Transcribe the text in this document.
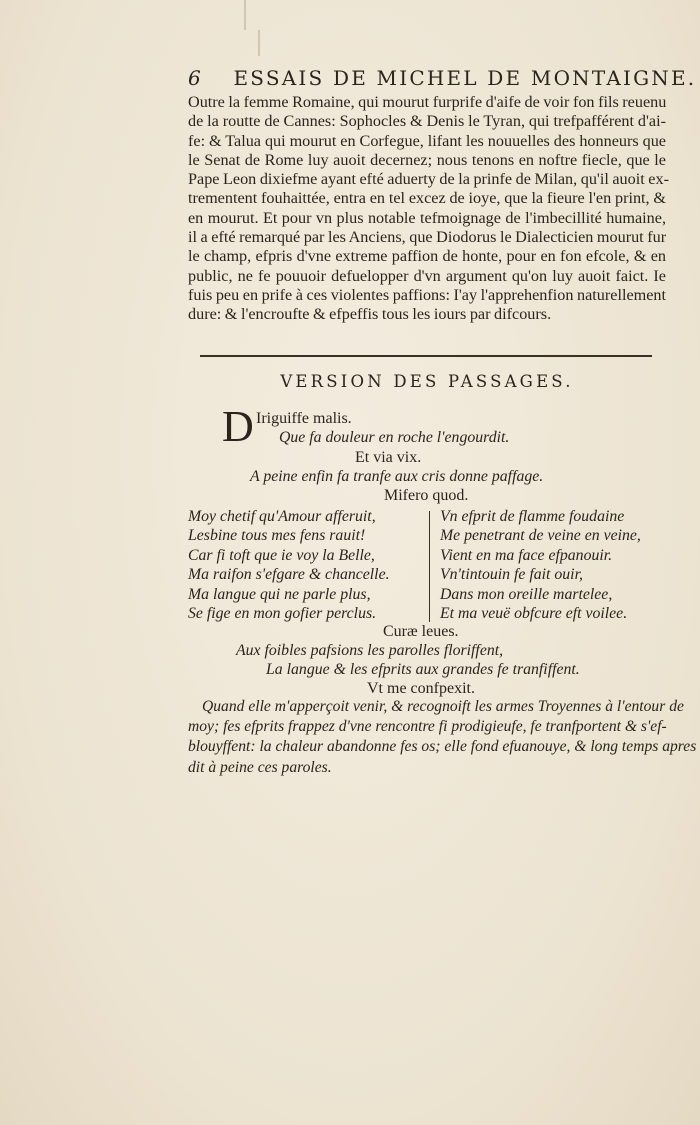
6 ESSAIS DE MICHEL DE MONTAIGNE.
Outre la femme Romaine, qui mourut furprife d'aife de voir fon fils reuenu
de la routte de Cannes: Sophocles & Denis le Tyran, qui trefpafférent d'ai-
fe: & Talua qui mourut en Corfegue, lifant les nouuelles des honneurs que
le Senat de Rome luy auoit decernez; nous tenons en noftre fiecle, que le
Pape Leon dixiefme ayant efté aduerty de la prinfe de Milan, qu'il auoit ex-
trementent fouhaittée, entra en tel excez de ioye, que la fieure l'en print, &
en mourut. Et pour vn plus notable tefmoignage de l'imbecillité humaine,
il a efté remarqué par les Anciens, que Diodorus le Dialecticien mourut fur
le champ, efpris d'vne extreme paffion de honte, pour en fon efcole, & en
public, ne fe pouuoir defuelopper d'vn argument qu'on luy auoit faict. Ie
fuis peu en prife à ces violentes paffions: I'ay l'apprehenfion naturellement
dure: & l'encroufte & efpeffis tous les iours par difcours.
VERSION DES PASSAGES.
D Iriguiffe malis.
Que fa douleur en roche l'engourdit.
Et via vix.
A peine enfin fa tranfe aux cris donne paffage.
Mifero quod.
Moy chetif qu'Amour afferuit,
Lesbine tous mes fens rauit!
Car fi toft que ie voy la Belle,
Ma raifon s'efgare & chancelle.
Ma langue qui ne parle plus,
Se fige en mon gofier perclus.
Vn efprit de flamme foudaine
Me penetrant de veine en veine,
Vient en ma face efpanouir.
Vn'tintouin fe fait ouir,
Dans mon oreille martelee,
Et ma veuë obfcure eft voilee.
Curæ leues.
Aux foibles pafsions les parolles floriffent,
La langue & les efprits aux grandes fe tranfiffent.
Vt me confpexit.
Quand elle m'apperçoit venir, & recognoift les armes Troyennes à l'entour de
moy; fes efprits frappez d'vne rencontre fi prodigieufe, fe tranfportent & s'ef-
blouyffent: la chaleur abandonne fes os; elle fond efuanouye, & long temps apres
dit à peine ces paroles.
